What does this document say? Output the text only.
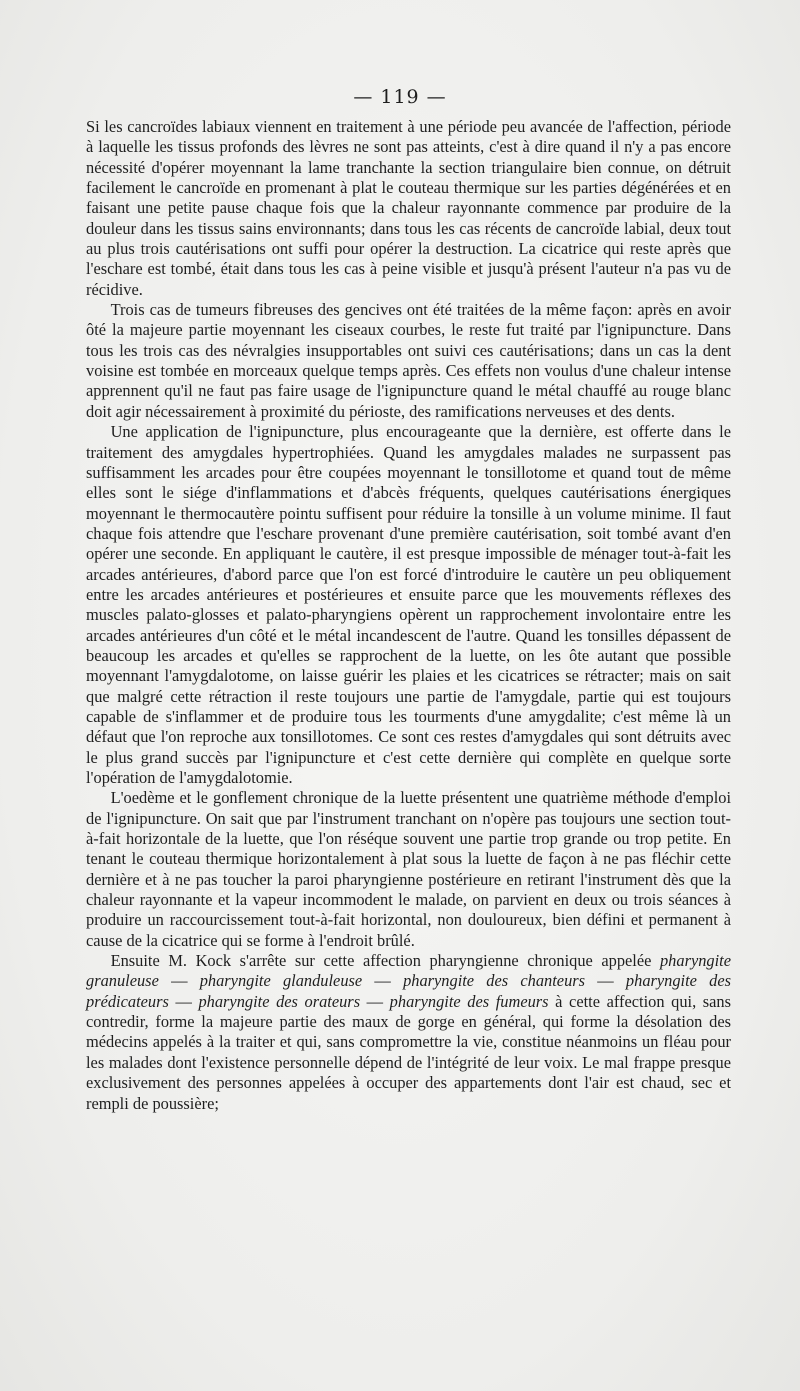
— 119 —

Si les cancroïdes labiaux viennent en traitement à une période peu avancée de l'affection, période à laquelle les tissus profonds des lèvres ne sont pas atteints, c'est à dire quand il n'y a pas encore nécessité d'opérer moyennant la lame tranchante la section triangulaire bien connue, on détruit facilement le cancroïde en promenant à plat le couteau thermique sur les parties dégénérées et en faisant une petite pause chaque fois que la chaleur rayonnante commence par produire de la douleur dans les tissus sains environnants; dans tous les cas récents de cancroïde labial, deux tout au plus trois cautérisations ont suffi pour opérer la destruction. La cicatrice qui reste après que l'eschare est tombé, était dans tous les cas à peine visible et jusqu'à présent l'auteur n'a pas vu de récidive.

Trois cas de tumeurs fibreuses des gencives ont été traitées de la même façon: après en avoir ôté la majeure partie moyennant les ciseaux courbes, le reste fut traité par l'ignipuncture. Dans tous les trois cas des névralgies insupportables ont suivi ces cautérisations; dans un cas la dent voisine est tombée en morceaux quelque temps après. Ces effets non voulus d'une chaleur intense apprennent qu'il ne faut pas faire usage de l'ignipuncture quand le métal chauffé au rouge blanc doit agir nécessairement à proximité du périoste, des ramifications nerveuses et des dents.

Une application de l'ignipuncture, plus encourageante que la dernière, est offerte dans le traitement des amygdales hypertrophiées. Quand les amygdales malades ne surpassent pas suffisamment les arcades pour être coupées moyennant le tonsillotome et quand tout de même elles sont le siége d'inflammations et d'abcès fréquents, quelques cautérisations énergiques moyennant le thermocautère pointu suffisent pour réduire la tonsille à un volume minime. Il faut chaque fois attendre que l'eschare provenant d'une première cautérisation, soit tombé avant d'en opérer une seconde. En appliquant le cautère, il est presque impossible de ménager tout-à-fait les arcades antérieures, d'abord parce que l'on est forcé d'introduire le cautère un peu obliquement entre les arcades antérieures et postérieures et ensuite parce que les mouvements réflexes des muscles palato-glosses et palato-pharyngiens opèrent un rapprochement involontaire entre les arcades antérieures d'un côté et le métal incandescent de l'autre. Quand les tonsilles dépassent de beaucoup les arcades et qu'elles se rapprochent de la luette, on les ôte autant que possible moyennant l'amygdalotome, on laisse guérir les plaies et les cicatrices se rétracter; mais on sait que malgré cette rétraction il reste toujours une partie de l'amygdale, partie qui est toujours capable de s'inflammer et de produire tous les tourments d'une amygdalite; c'est même là un défaut que l'on reproche aux tonsillotomes. Ce sont ces restes d'amygdales qui sont détruits avec le plus grand succès par l'ignipuncture et c'est cette dernière qui complète en quelque sorte l'opération de l'amygdalotomie.

L'oedème et le gonflement chronique de la luette présentent une quatrième méthode d'emploi de l'ignipuncture. On sait que par l'instrument tranchant on n'opère pas toujours une section tout-à-fait horizontale de la luette, que l'on réséque souvent une partie trop grande ou trop petite. En tenant le couteau thermique horizontalement à plat sous la luette de façon à ne pas fléchir cette dernière et à ne pas toucher la paroi pharyngienne postérieure en retirant l'instrument dès que la chaleur rayonnante et la vapeur incommodent le malade, on parvient en deux ou trois séances à produire un raccourcissement tout-à-fait horizontal, non douloureux, bien défini et permanent à cause de la cicatrice qui se forme à l'endroit brûlé.

Ensuite M. Kock s'arrête sur cette affection pharyngienne chronique appelée pharyngite granuleuse — pharyngite glanduleuse — pharyngite des chanteurs — pharyngite des prédicateurs — pharyngite des orateurs — pharyngite des fumeurs à cette affection qui, sans contredir, forme la majeure partie des maux de gorge en général, qui forme la désolation des médecins appelés à la traiter et qui, sans compromettre la vie, constitue néanmoins un fléau pour les malades dont l'existence personnelle dépend de l'intégrité de leur voix. Le mal frappe presque exclusivement des personnes appelées à occuper des appartements dont l'air est chaud, sec et rempli de poussière;
